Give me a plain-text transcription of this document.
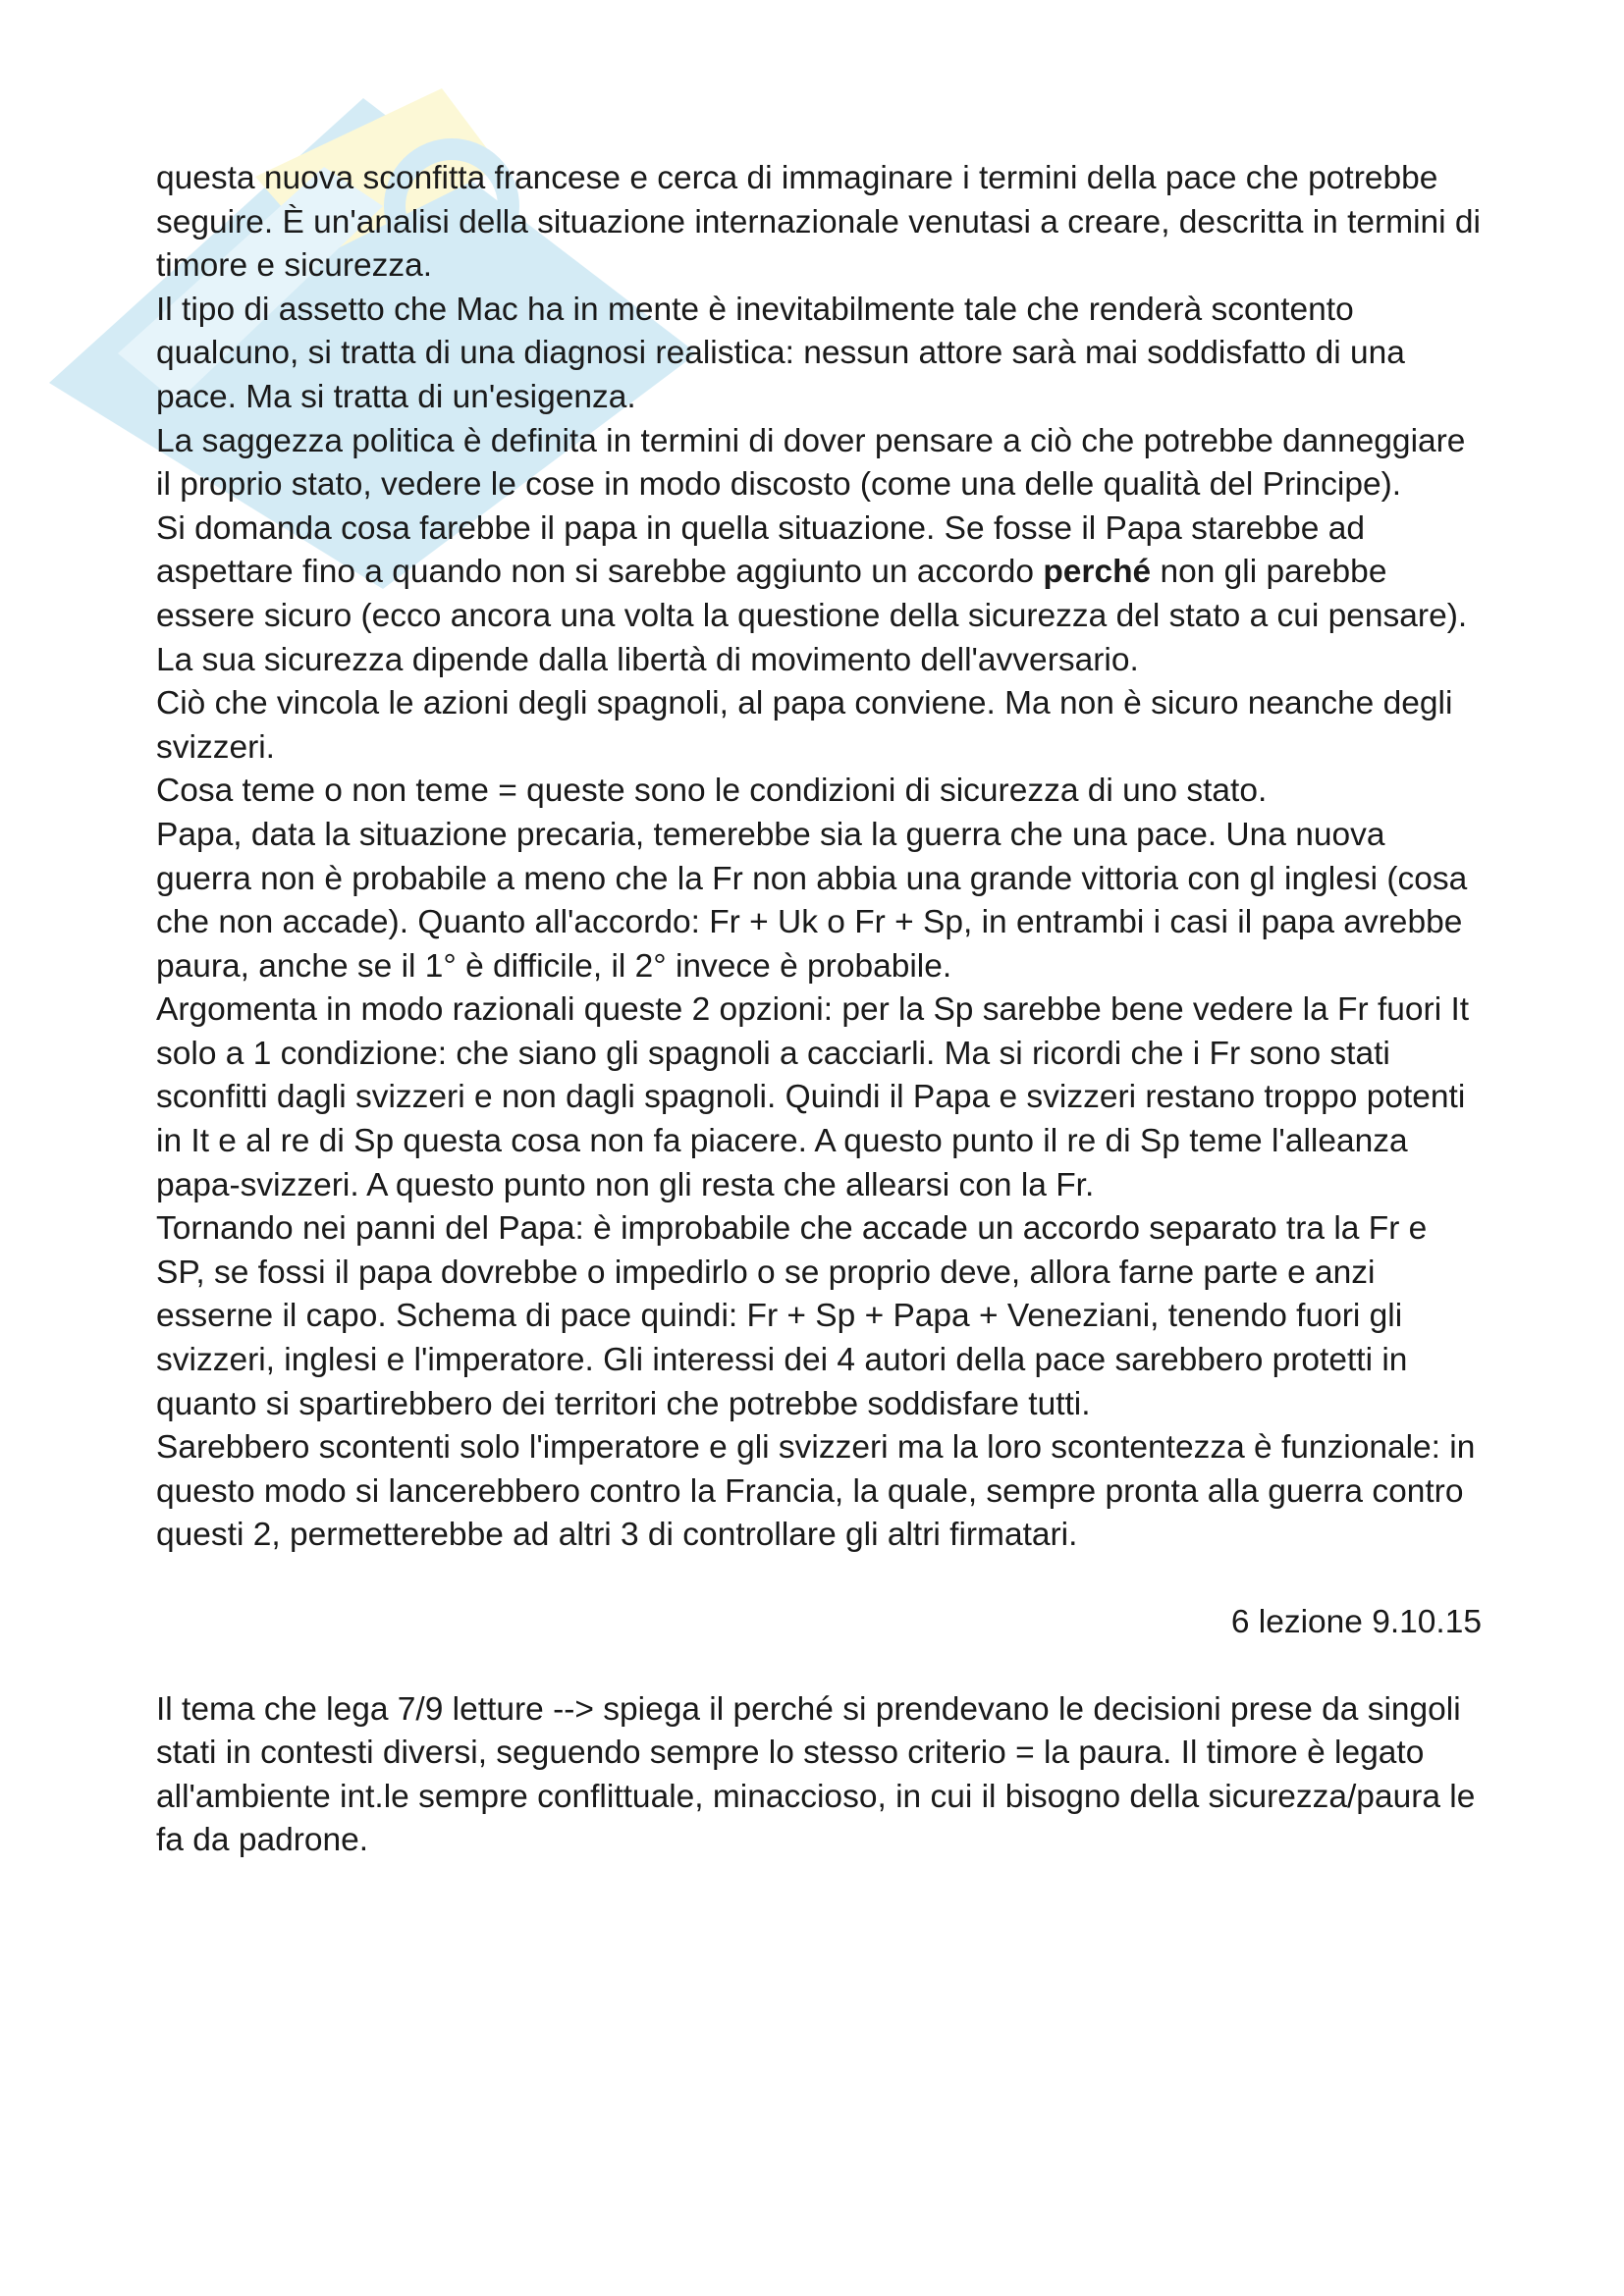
questa nuova sconfitta francese e cerca di immaginare i termini della pace che potrebbe seguire. È un'analisi della situazione internazionale venutasi a creare, descritta in termini di timore e sicurezza.

Il tipo di assetto che Mac ha in mente è inevitabilmente tale che renderà scontento qualcuno, si tratta di una diagnosi realistica: nessun attore sarà mai soddisfatto di una pace. Ma si tratta di un'esigenza.

La saggezza politica è definita in termini di dover pensare a ciò che potrebbe danneggiare il proprio stato, vedere le cose in modo discosto (come una delle qualità del Principe).

Si domanda cosa farebbe il papa in quella situazione. Se fosse il Papa starebbe ad aspettare fino a quando non si sarebbe aggiunto un accordo perché non gli parebbe essere sicuro (ecco ancora una volta la questione della sicurezza del stato a cui pensare). La sua sicurezza dipende dalla libertà di movimento dell'avversario.

Ciò che vincola le azioni degli spagnoli, al papa conviene. Ma non è sicuro neanche degli svizzeri.

Cosa teme o non teme = queste sono le condizioni di sicurezza di uno stato.

Papa, data la situazione precaria, temerebbe sia la guerra che una pace. Una nuova guerra non è probabile a meno che la Fr non abbia una grande vittoria con gl inglesi (cosa che non accade). Quanto all'accordo: Fr + Uk o Fr + Sp, in entrambi i casi il papa avrebbe paura, anche se il 1° è difficile, il 2° invece è probabile.

Argomenta in modo razionali queste 2 opzioni: per la Sp sarebbe bene vedere la Fr fuori It solo a 1 condizione: che siano gli spagnoli a cacciarli. Ma si ricordi che i Fr sono stati sconfitti dagli svizzeri e non dagli spagnoli. Quindi il Papa e svizzeri restano troppo potenti in It e al re di Sp questa cosa non fa piacere. A questo punto il re di Sp teme l'alleanza papa-svizzeri. A questo punto non gli resta che allearsi con la Fr.

Tornando nei panni del Papa: è improbabile che accade un accordo separato tra la Fr e SP, se fossi il papa dovrebbe o impedirlo o se proprio deve, allora farne parte e anzi esserne il capo. Schema di pace quindi: Fr + Sp + Papa + Veneziani, tenendo fuori gli svizzeri, inglesi e l'imperatore. Gli interessi dei 4 autori della pace sarebbero protetti in quanto si spartirebbero dei territori che potrebbe soddisfare tutti.

Sarebbero scontenti solo l'imperatore e gli svizzeri ma la loro scontentezza è funzionale: in questo modo si lancerebbero contro la Francia, la quale, sempre pronta alla guerra contro questi 2, permetterebbe ad altri 3 di controllare gli altri firmatari.

6 lezione 9.10.15

Il tema che lega 7/9 letture --> spiega il perché si prendevano le decisioni prese da singoli stati in contesti diversi, seguendo sempre lo stesso criterio = la paura. Il timore è legato all'ambiente int.le sempre conflittuale, minaccioso, in cui il bisogno della sicurezza/paura le fa da padrone.
